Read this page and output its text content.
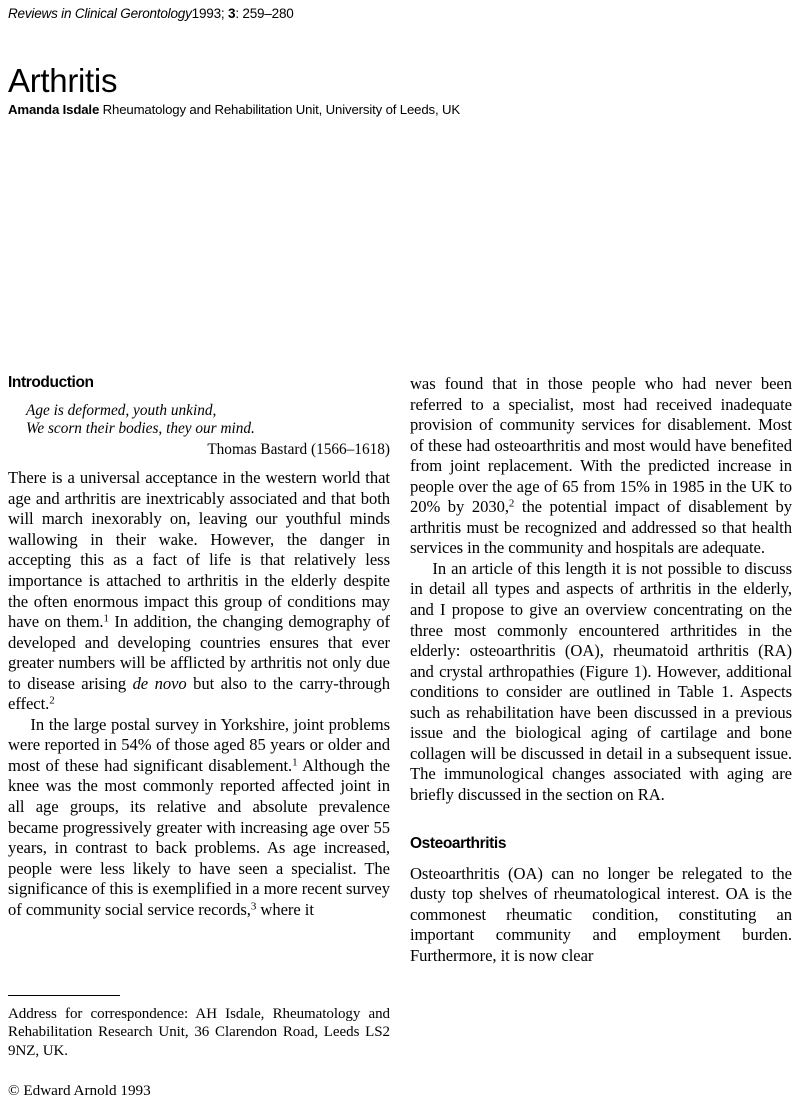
Reviews in Clinical Gerontology1993; 3: 259–280
Arthritis
Amanda Isdale Rheumatology and Rehabilitation Unit, University of Leeds, UK
Introduction
Age is deformed, youth unkind,
We scorn their bodies, they our mind.
Thomas Bastard (1566–1618)

There is a universal acceptance in the western world that age and arthritis are inextricably associated and that both will march inexorably on, leaving our youthful minds wallowing in their wake. However, the danger in accepting this as a fact of life is that relatively less importance is attached to arthritis in the elderly despite the often enormous impact this group of conditions may have on them.$^1$ In addition, the changing demography of developed and developing countries ensures that ever greater numbers will be afflicted by arthritis not only due to disease arising de novo but also to the carry-through effect.$^2$

In the large postal survey in Yorkshire, joint problems were reported in 54% of those aged 85 years or older and most of these had significant disablement.$^1$ Although the knee was the most commonly reported affected joint in all age groups, its relative and absolute prevalence became progressively greater with increasing age over 55 years, in contrast to back problems. As age increased, people were less likely to have seen a specialist. The significance of this is exemplified in a more recent survey of community social service records,$^3$ where it

Address for correspondence: AH Isdale, Rheumatology and Rehabilitation Research Unit, 36 Clarendon Road, Leeds LS2 9NZ, UK.

© Edward Arnold 1993

was found that in those people who had never been referred to a specialist, most had received inadequate provision of community services for disablement. Most of these had osteoarthritis and most would have benefited from joint replacement. With the predicted increase in people over the age of 65 from 15% in 1985 in the UK to 20% by 2030,$^2$ the potential impact of disablement by arthritis must be recognized and addressed so that health services in the community and hospitals are adequate.

In an article of this length it is not possible to discuss in detail all types and aspects of arthritis in the elderly, and I propose to give an overview concentrating on the three most commonly encountered arthritides in the elderly: osteoarthritis (OA), rheumatoid arthritis (RA) and crystal arthropathies (Figure 1). However, additional conditions to consider are outlined in Table 1. Aspects such as rehabilitation have been discussed in a previous issue and the biological aging of cartilage and bone collagen will be discussed in detail in a subsequent issue. The immunological changes associated with aging are briefly discussed in the section on RA.

Osteoarthritis

Osteoarthritis (OA) can no longer be relegated to the dusty top shelves of rheumatological interest. OA is the commonest rheumatic condition, constituting an important community and employment burden. Furthermore, it is now clear
